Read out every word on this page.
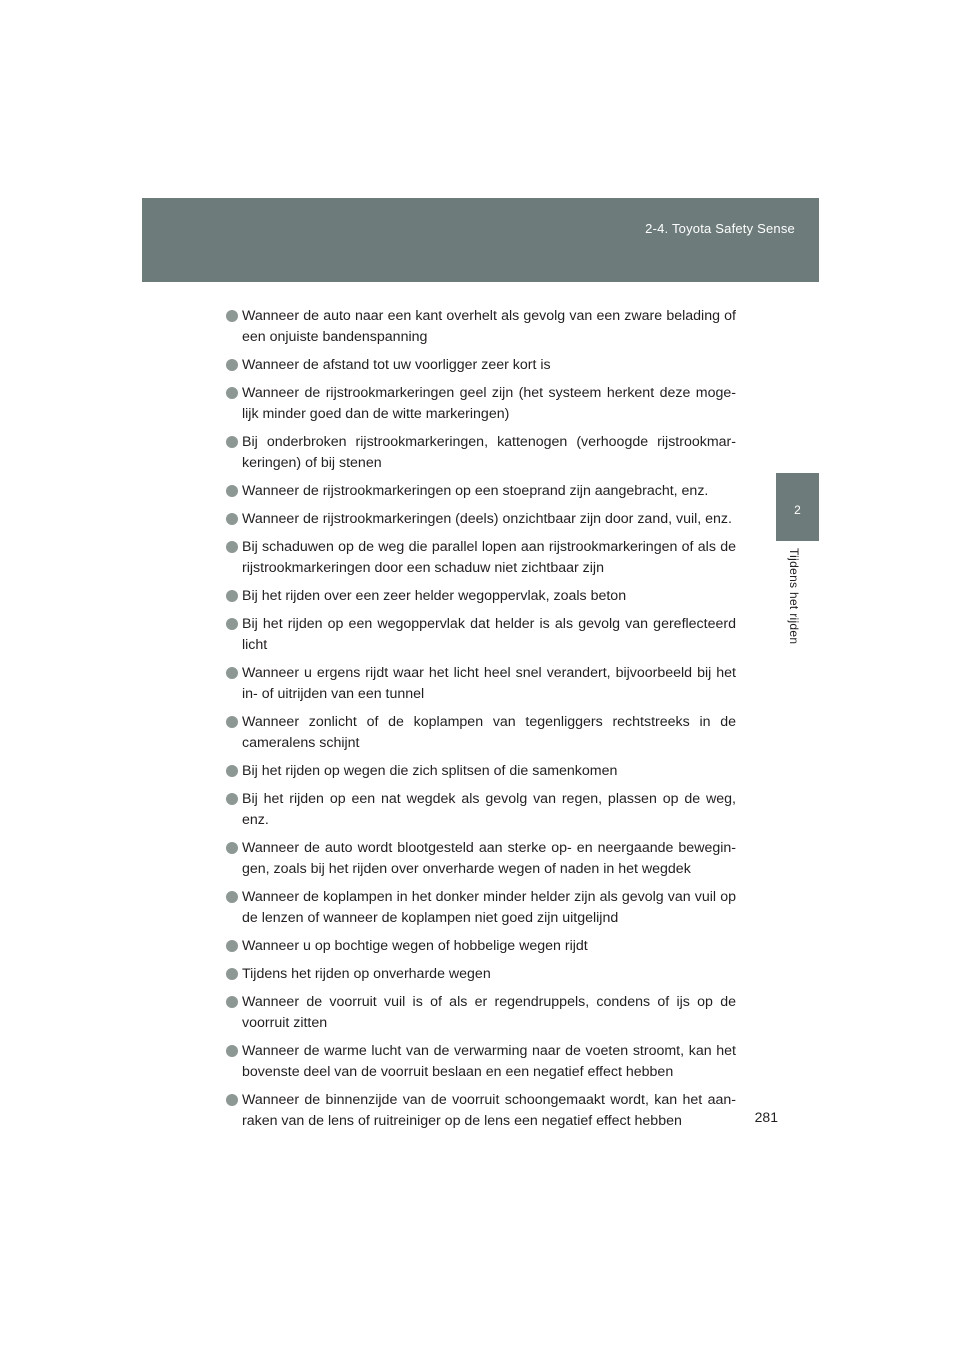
2-4. Toyota Safety Sense
2
Tijdens het rijden
Wanneer de auto naar een kant overhelt als gevolg van een zware belading of een onjuiste bandenspanning
Wanneer de afstand tot uw voorligger zeer kort is
Wanneer de rijstrookmarkeringen geel zijn (het systeem herkent deze moge-lijk minder goed dan de witte markeringen)
Bij onderbroken rijstrookmarkeringen, kattenogen (verhoogde rijstrookmar-keringen) of bij stenen
Wanneer de rijstrookmarkeringen op een stoeprand zijn aangebracht, enz.
Wanneer de rijstrookmarkeringen (deels) onzichtbaar zijn door zand, vuil, enz.
Bij schaduwen op de weg die parallel lopen aan rijstrookmarkeringen of als de rijstrookmarkeringen door een schaduw niet zichtbaar zijn
Bij het rijden over een zeer helder wegoppervlak, zoals beton
Bij het rijden op een wegoppervlak dat helder is als gevolg van gereflecteerd licht
Wanneer u ergens rijdt waar het licht heel snel verandert, bijvoorbeeld bij het in- of uitrijden van een tunnel
Wanneer zonlicht of de koplampen van tegenliggers rechtstreeks in de cameralens schijnt
Bij het rijden op wegen die zich splitsen of die samenkomen
Bij het rijden op een nat wegdek als gevolg van regen, plassen op de weg, enz.
Wanneer de auto wordt blootgesteld aan sterke op- en neergaande bewegin-gen, zoals bij het rijden over onverharde wegen of naden in het wegdek
Wanneer de koplampen in het donker minder helder zijn als gevolg van vuil op de lenzen of wanneer de koplampen niet goed zijn uitgelijnd
Wanneer u op bochtige wegen of hobbelige wegen rijdt
Tijdens het rijden op onverharde wegen
Wanneer de voorruit vuil is of als er regendruppels, condens of ijs op de voorruit zitten
Wanneer de warme lucht van de verwarming naar de voeten stroomt, kan het bovenste deel van de voorruit beslaan en een negatief effect hebben
Wanneer de binnenzijde van de voorruit schoongemaakt wordt, kan het aan-raken van de lens of ruitreiniger op de lens een negatief effect hebben	281
